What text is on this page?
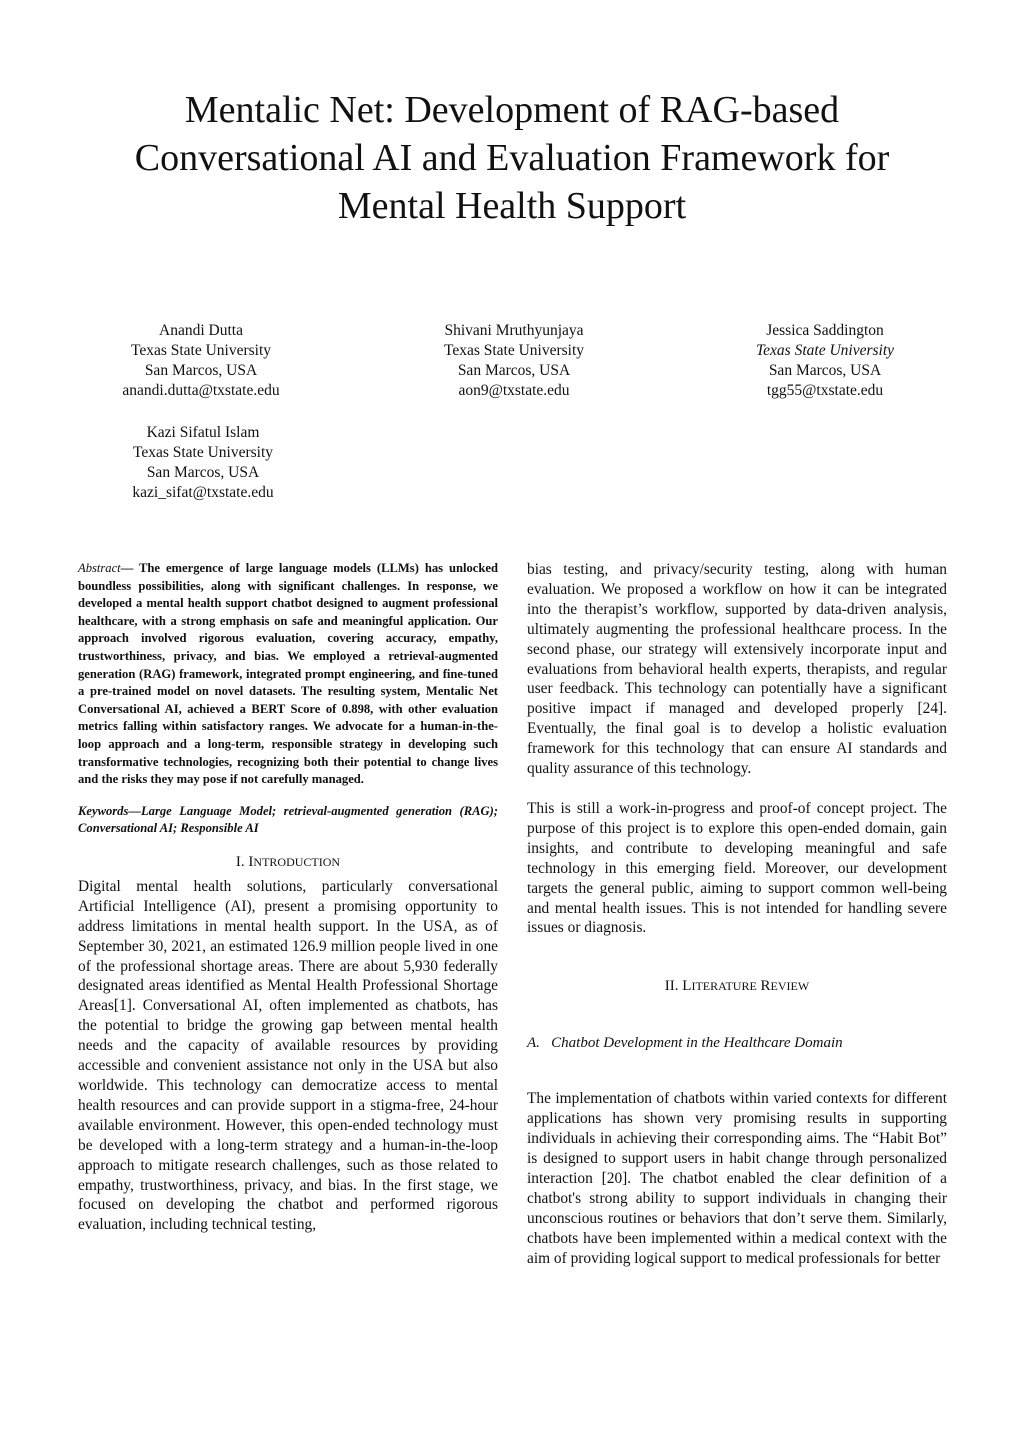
Mentalic Net: Development of RAG-based
Conversational AI and Evaluation Framework for
Mental Health Support
Anandi Dutta
Texas State University
San Marcos, USA
anandi.dutta@txstate.edu
Shivani Mruthyunjaya
Texas State University
San Marcos, USA
aon9@txstate.edu
Jessica Saddington
Texas State University
San Marcos, USA
tgg55@txstate.edu
Kazi Sifatul Islam
Texas State University
San Marcos, USA
kazi_sifat@txstate.edu

Abstract— The emergence of large language models (LLMs) has unlocked boundless possibilities, along with significant challenges. In response, we developed a mental health support chatbot designed to augment professional healthcare, with a strong emphasis on safe and meaningful application. Our approach involved rigorous evaluation, covering accuracy, empathy, trustworthiness, privacy, and bias. We employed a retrieval-augmented generation (RAG) framework, integrated prompt engineering, and fine-tuned a pre-trained model on novel datasets. The resulting system, Mentalic Net Conversational AI, achieved a BERT Score of 0.898, with other evaluation metrics falling within satisfactory ranges. We advocate for a human-in-the-loop approach and a long-term, responsible strategy in developing such transformative technologies, recognizing both their potential to change lives and the risks they may pose if not carefully managed.

Keywords—Large Language Model; retrieval-augmented generation (RAG); Conversational AI; Responsible AI

I. INTRODUCTION

Digital mental health solutions, particularly conversational Artificial Intelligence (AI), present a promising opportunity to address limitations in mental health support. In the USA, as of September 30, 2021, an estimated 126.9 million people lived in one of the professional shortage areas. There are about 5,930 federally designated areas identified as Mental Health Professional Shortage Areas[1]. Conversational AI, often implemented as chatbots, has the potential to bridge the growing gap between mental health needs and the capacity of available resources by providing accessible and convenient assistance not only in the USA but also worldwide. This technology can democratize access to mental health resources and can provide support in a stigma-free, 24-hour available environment. However, this open-ended technology must be developed with a long-term strategy and a human-in-the-loop approach to mitigate research challenges, such as those related to empathy, trustworthiness, privacy, and bias. In the first stage, we focused on developing the chatbot and performed rigorous evaluation, including technical testing,

bias testing, and privacy/security testing, along with human evaluation. We proposed a workflow on how it can be integrated into the therapist’s workflow, supported by data-driven analysis, ultimately augmenting the professional healthcare process. In the second phase, our strategy will extensively incorporate input and evaluations from behavioral health experts, therapists, and regular user feedback. This technology can potentially have a significant positive impact if managed and developed properly [24]. Eventually, the final goal is to develop a holistic evaluation framework for this technology that can ensure AI standards and quality assurance of this technology.

This is still a work-in-progress and proof-of concept project. The purpose of this project is to explore this open-ended domain, gain insights, and contribute to developing meaningful and safe technology in this emerging field. Moreover, our development targets the general public, aiming to support common well-being and mental health issues. This is not intended for handling severe issues or diagnosis.

II. LITERATURE REVIEW

A. Chatbot Development in the Healthcare Domain

The implementation of chatbots within varied contexts for different applications has shown very promising results in supporting individuals in achieving their corresponding aims. The “Habit Bot” is designed to support users in habit change through personalized interaction [20]. The chatbot enabled the clear definition of a chatbot's strong ability to support individuals in changing their unconscious routines or behaviors that don’t serve them. Similarly, chatbots have been implemented within a medical context with the aim of providing logical support to medical professionals for better
